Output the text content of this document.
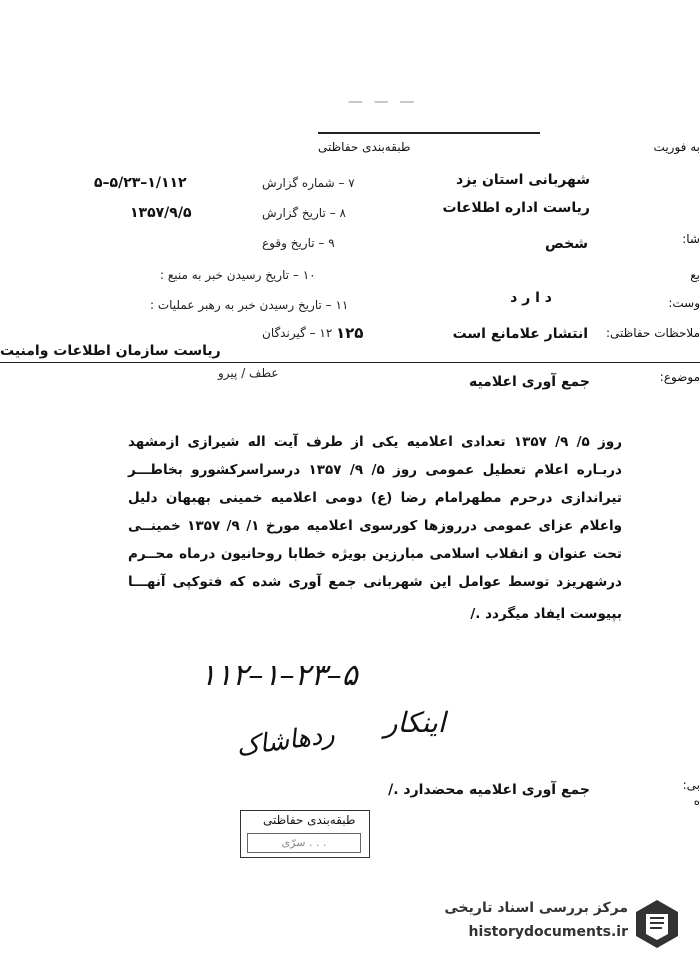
— — —
طبقه‌بندی حفاظتی	به فوریت
۷ – شماره گزارش
۵–۵/۲۳–۱/۱۱۲
۸ – تاریخ گزارش
۱۳۵۷/۹/۵
۹ – تاریخ وقوع
۱۰ – تاریخ رسیدن خبر به منبع :
۱۱ – تاریخ رسیدن خبر به رهبر عملیات :
۱۲ – گیرندگان ۱۲۵
ریاست سازمان اطلاعات وامنیت
شهربانی استان یزد
ریاست اداره اطلاعات
شا:
شخص
بع
وست:
د ا ر د
ملاحظات حفاظتی:
انتشار علامانع است
موضوع:
عطف / پیرو
جمع آوری اعلامیه
روز ۵/ ۹/ ۱۳۵۷ تعدادی اعلامیه یکی از طرف آیت اله شیرازی ازمشهد
دربـاره اعلام تعطیل عمومی روز ۵/ ۹/ ۱۳۵۷ درسراسرکشورو بخاطـــر
تیراندازی درحرم مطهرامام رضا (ع) دومی اعلامیه خمینی بهبهان دلیل
واعلام عزای عمومی درروزها کورسوی اعلامیه مورخ ۱/ ۹/ ۱۳۵۷ خمینــی
تحت عنوان و انقلاب اسلامی مبارزین بویژه خطابا روحانیون درماه محــرم
درشهریزد توسط عوامل این شهربانی جمع آوری شده که فتوکپی آنهـــا
بپیوست ایفاد میگردد ./
۱۱۲–۱–۲۳–۵
اینکار
ردهاشاک
بی:
ه
جمع آوری اعلامیه محضدارد ./
طبقه‌بندی حفاظتی
سرّی . . .
مرکز بررسی اسناد تاریخی
historydocuments.ir
